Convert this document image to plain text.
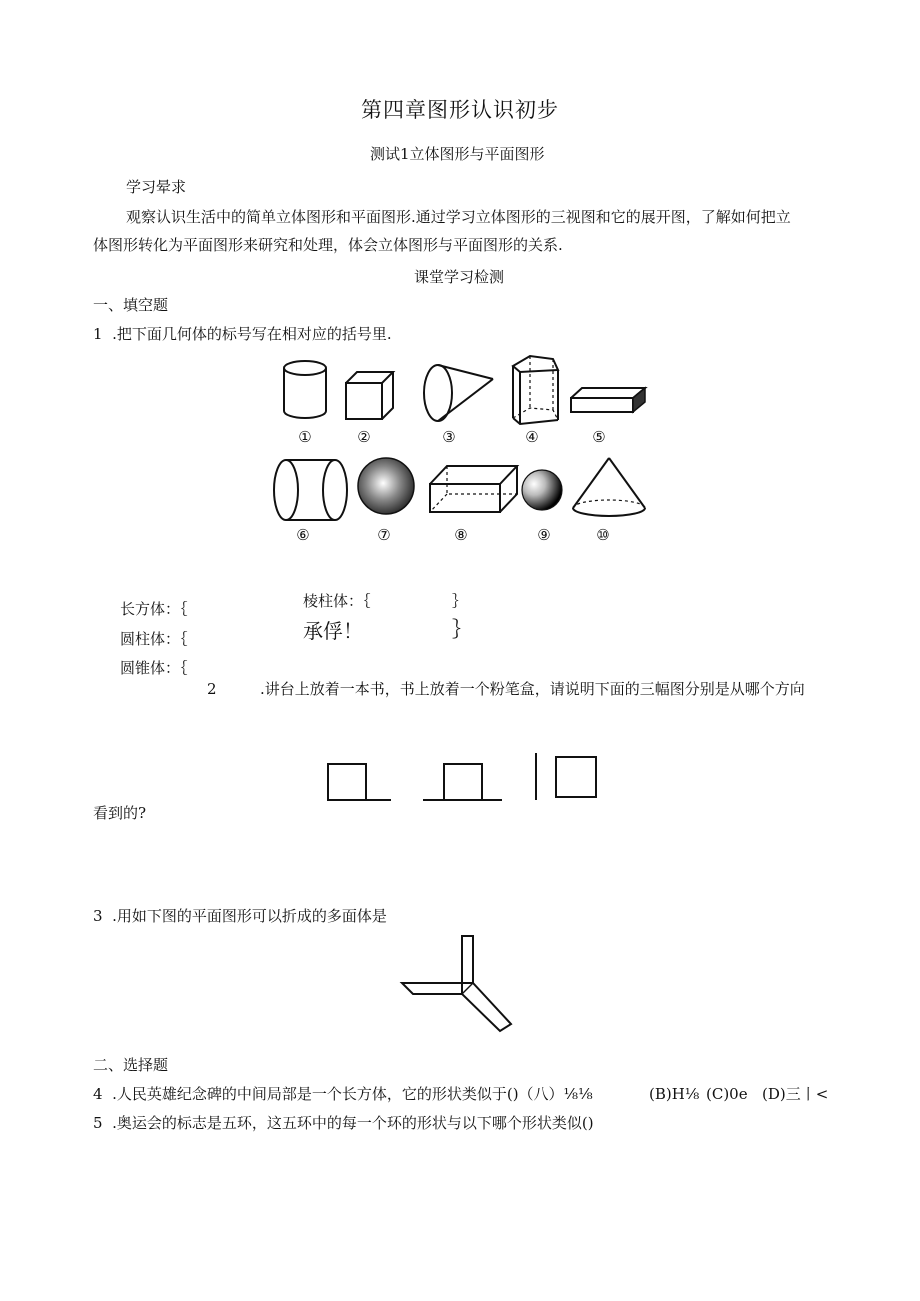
第四章图形认识初步
测试1立体图形与平面图形
学习晕求
观察认识生活中的简单立体图形和平面图形.通过学习立体图形的三视图和它的展开图，了解如何把立
体图形转化为平面图形来研究和处理，体会立体图形与平面图形的关系.
课堂学习检测
一、填空题
1  .把下面几何体的标号写在相对应的括号里.
①	②	③	④	⑤
⑥	⑦	⑧	⑨	⑩
棱柱体：｛	｝
长方体：｛
承俘！	｝
圆柱体：｛
圆锥体：｛
2	.讲台上放着一本书，书上放着一个粉笔盒，请说明下面的三幅图分别是从哪个方向
看到的?
3  .用如下图的平面图形可以折成的多面体是
二、选择题
4  .人民英雄纪念碑的中间局部是一个长方体，它的形状类似于()（八）⅛⅛	(B)H⅛ (C)0e (D)三丨<
5  .奥运会的标志是五环，这五环中的每一个环的形状与以下哪个形状类似()
